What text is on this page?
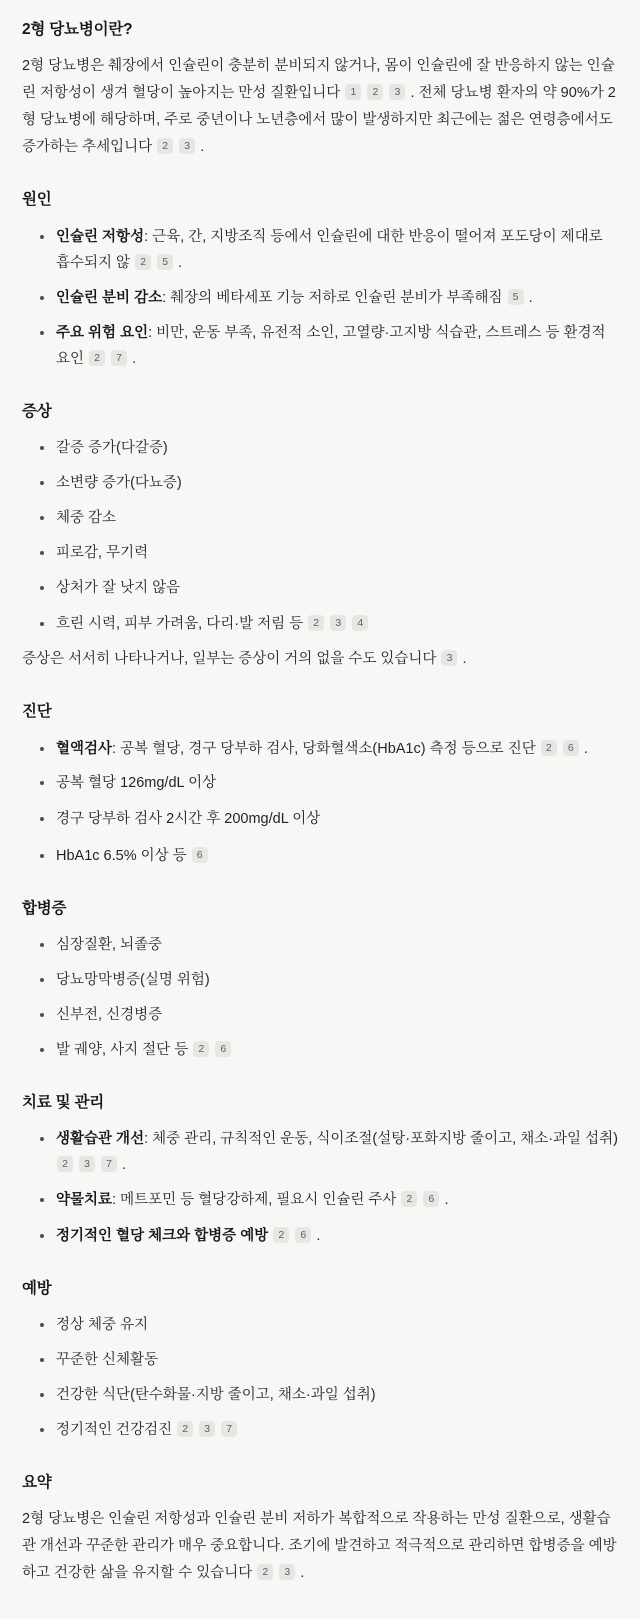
2형 당뇨병이란?

2형 당뇨병은 췌장에서 인슐린이 충분히 분비되지 않거나, 몸이 인슐린에 잘 반응하지 않는 인슐린 저항성이 생겨 혈당이 높아지는 만성 질환입니다 1 2 3 . 전체 당뇨병 환자의 약 90%가 2형 당뇨병에 해당하며, 주로 중년이나 노년층에서 많이 발생하지만 최근에는 젊은 연령층에서도 증가하는 추세입니다 2 3 .

원인
인슐린 저항성: 근육, 간, 지방조직 등에서 인슐린에 대한 반응이 떨어져 포도당이 제대로 흡수되지 않 2 5 .
인슐린 분비 감소: 췌장의 베타세포 기능 저하로 인슐린 분비가 부족해짐 5 .
주요 위험 요인: 비만, 운동 부족, 유전적 소인, 고열량·고지방 식습관, 스트레스 등 환경적 요인 2 7 .
증상
갈증 증가(다갈증)
소변량 증가(다뇨증)
체중 감소
피로감, 무기력
상처가 잘 낫지 않음
흐린 시력, 피부 가려움, 다리·발 저림 등 2 3 4

증상은 서서히 나타나거나, 일부는 증상이 거의 없을 수도 있습니다 3 .

진단
혈액검사: 공복 혈당, 경구 당부하 검사, 당화혈색소(HbA1c) 측정 등으로 진단 2 6 .
공복 혈당 126mg/dL 이상
경구 당부하 검사 2시간 후 200mg/dL 이상
HbA1c 6.5% 이상 등 6
합병증
심장질환, 뇌졸중
당뇨망막병증(실명 위험)
신부전, 신경병증
발 궤양, 사지 절단 등 2 6
치료 및 관리
생활습관 개선: 체중 관리, 규칙적인 운동, 식이조절(설탕·포화지방 줄이고, 채소·과일 섭취) 2 3 7 .
약물치료: 메트포민 등 혈당강하제, 필요시 인슐린 주사 2 6 .
정기적인 혈당 체크와 합병증 예방 2 6 .
예방
정상 체중 유지
꾸준한 신체활동
건강한 식단(탄수화물·지방 줄이고, 채소·과일 섭취)
정기적인 건강검진 2 3 7
요약

2형 당뇨병은 인슐린 저항성과 인슐린 분비 저하가 복합적으로 작용하는 만성 질환으로, 생활습관 개선과 꾸준한 관리가 매우 중요합니다. 조기에 발견하고 적극적으로 관리하면 합병증을 예방하고 건강한 삶을 유지할 수 있습니다 2 3 .
